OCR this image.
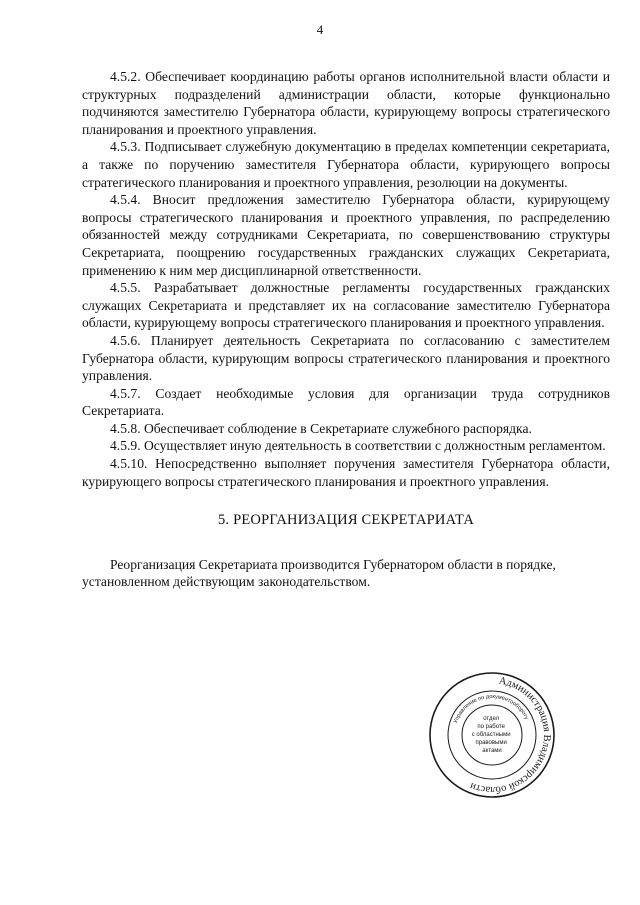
4

4.5.2. Обеспечивает координацию работы органов исполнительной власти области и структурных подразделений администрации области, которые функционально подчиняются заместителю Губернатора области, курирующему вопросы стратегического планирования и проектного управления.

4.5.3. Подписывает служебную документацию в пределах компетенции секретариата, а также по поручению заместителя Губернатора области, курирующего вопросы стратегического планирования и проектного управления, резолюции на документы.

4.5.4. Вносит предложения заместителю Губернатора области, курирующему вопросы стратегического планирования и проектного управления, по распределению обязанностей между сотрудниками Секретариата, по совершенствованию структуры Секретариата, поощрению государственных гражданских служащих Секретариата, применению к ним мер дисциплинарной ответственности.

4.5.5. Разрабатывает должностные регламенты государственных гражданских служащих Секретариата и представляет их на согласование заместителю Губернатора области, курирующему вопросы стратегического планирования и проектного управления.

4.5.6. Планирует деятельность Секретариата по согласованию с заместителем Губернатора области, курирующим вопросы стратегического планирования и проектного управления.

4.5.7. Создает необходимые условия для организации труда сотрудников Секретариата.

4.5.8. Обеспечивает соблюдение в Секретариате служебного распорядка.

4.5.9. Осуществляет иную деятельность в соответствии с должностным регламентом.

4.5.10. Непосредственно выполняет поручения заместителя Губернатора области, курирующего вопросы стратегического планирования и проектного управления.

5. РЕОРГАНИЗАЦИЯ СЕКРЕТАРИАТА

Реорганизация Секретариата производится Губернатором области в порядке, установленном действующим законодательством.

Администрация Владимирской области
Управление по документообороту
отдел по работе с областными правовыми актами
